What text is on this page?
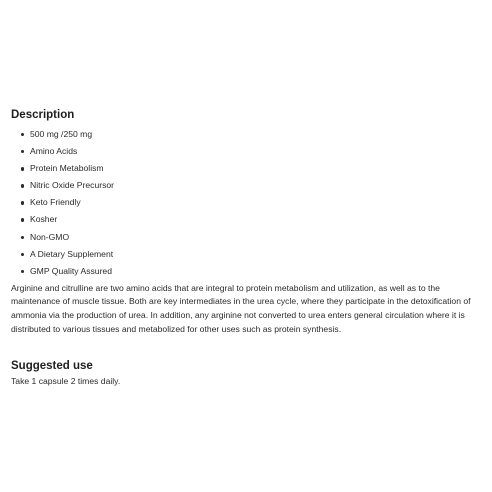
Description
500 mg /250 mg
Amino Acids
Protein Metabolism
Nitric Oxide Precursor
Keto Friendly
Kosher
Non-GMO
A Dietary Supplement
GMP Quality Assured

Arginine and citrulline are two amino acids that are integral to protein metabolism and utilization, as well as to the maintenance of muscle tissue. Both are key intermediates in the urea cycle, where they participate in the detoxification of ammonia via the production of urea. In addition, any arginine not converted to urea enters general circulation where it is distributed to various tissues and metabolized for other uses such as protein synthesis.

Suggested use

Take 1 capsule 2 times daily.
